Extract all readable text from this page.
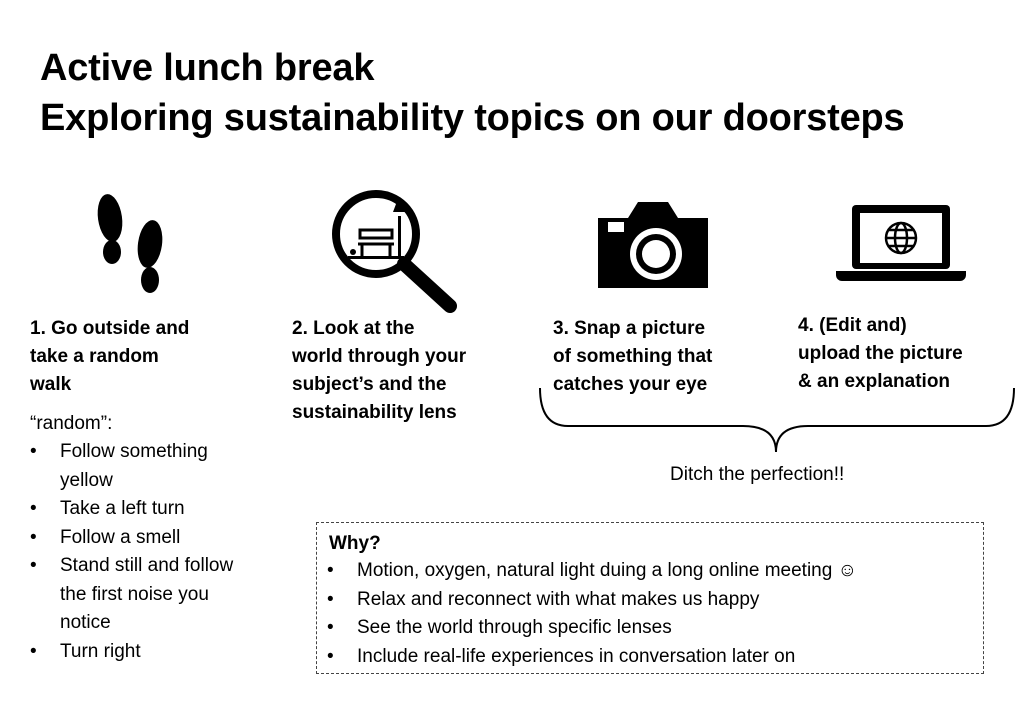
Active lunch break
Exploring sustainability topics on our doorsteps
1. Go outside and
take a random
walk
2. Look at the
world through your
subject’s and the
sustainability lens
3. Snap a picture
of something that
catches your eye
4. (Edit and)
upload the picture
& an explanation
“random”:
• Follow something yellow
• Take a left turn
• Follow a smell
• Stand still and follow the first noise you notice
• Turn right
Ditch the perfection!!
Why?
• Motion, oxygen, natural light duing a long online meeting ☺
• Relax and reconnect with what makes us happy
• See the world through specific lenses
• Include real-life experiences in conversation later on
